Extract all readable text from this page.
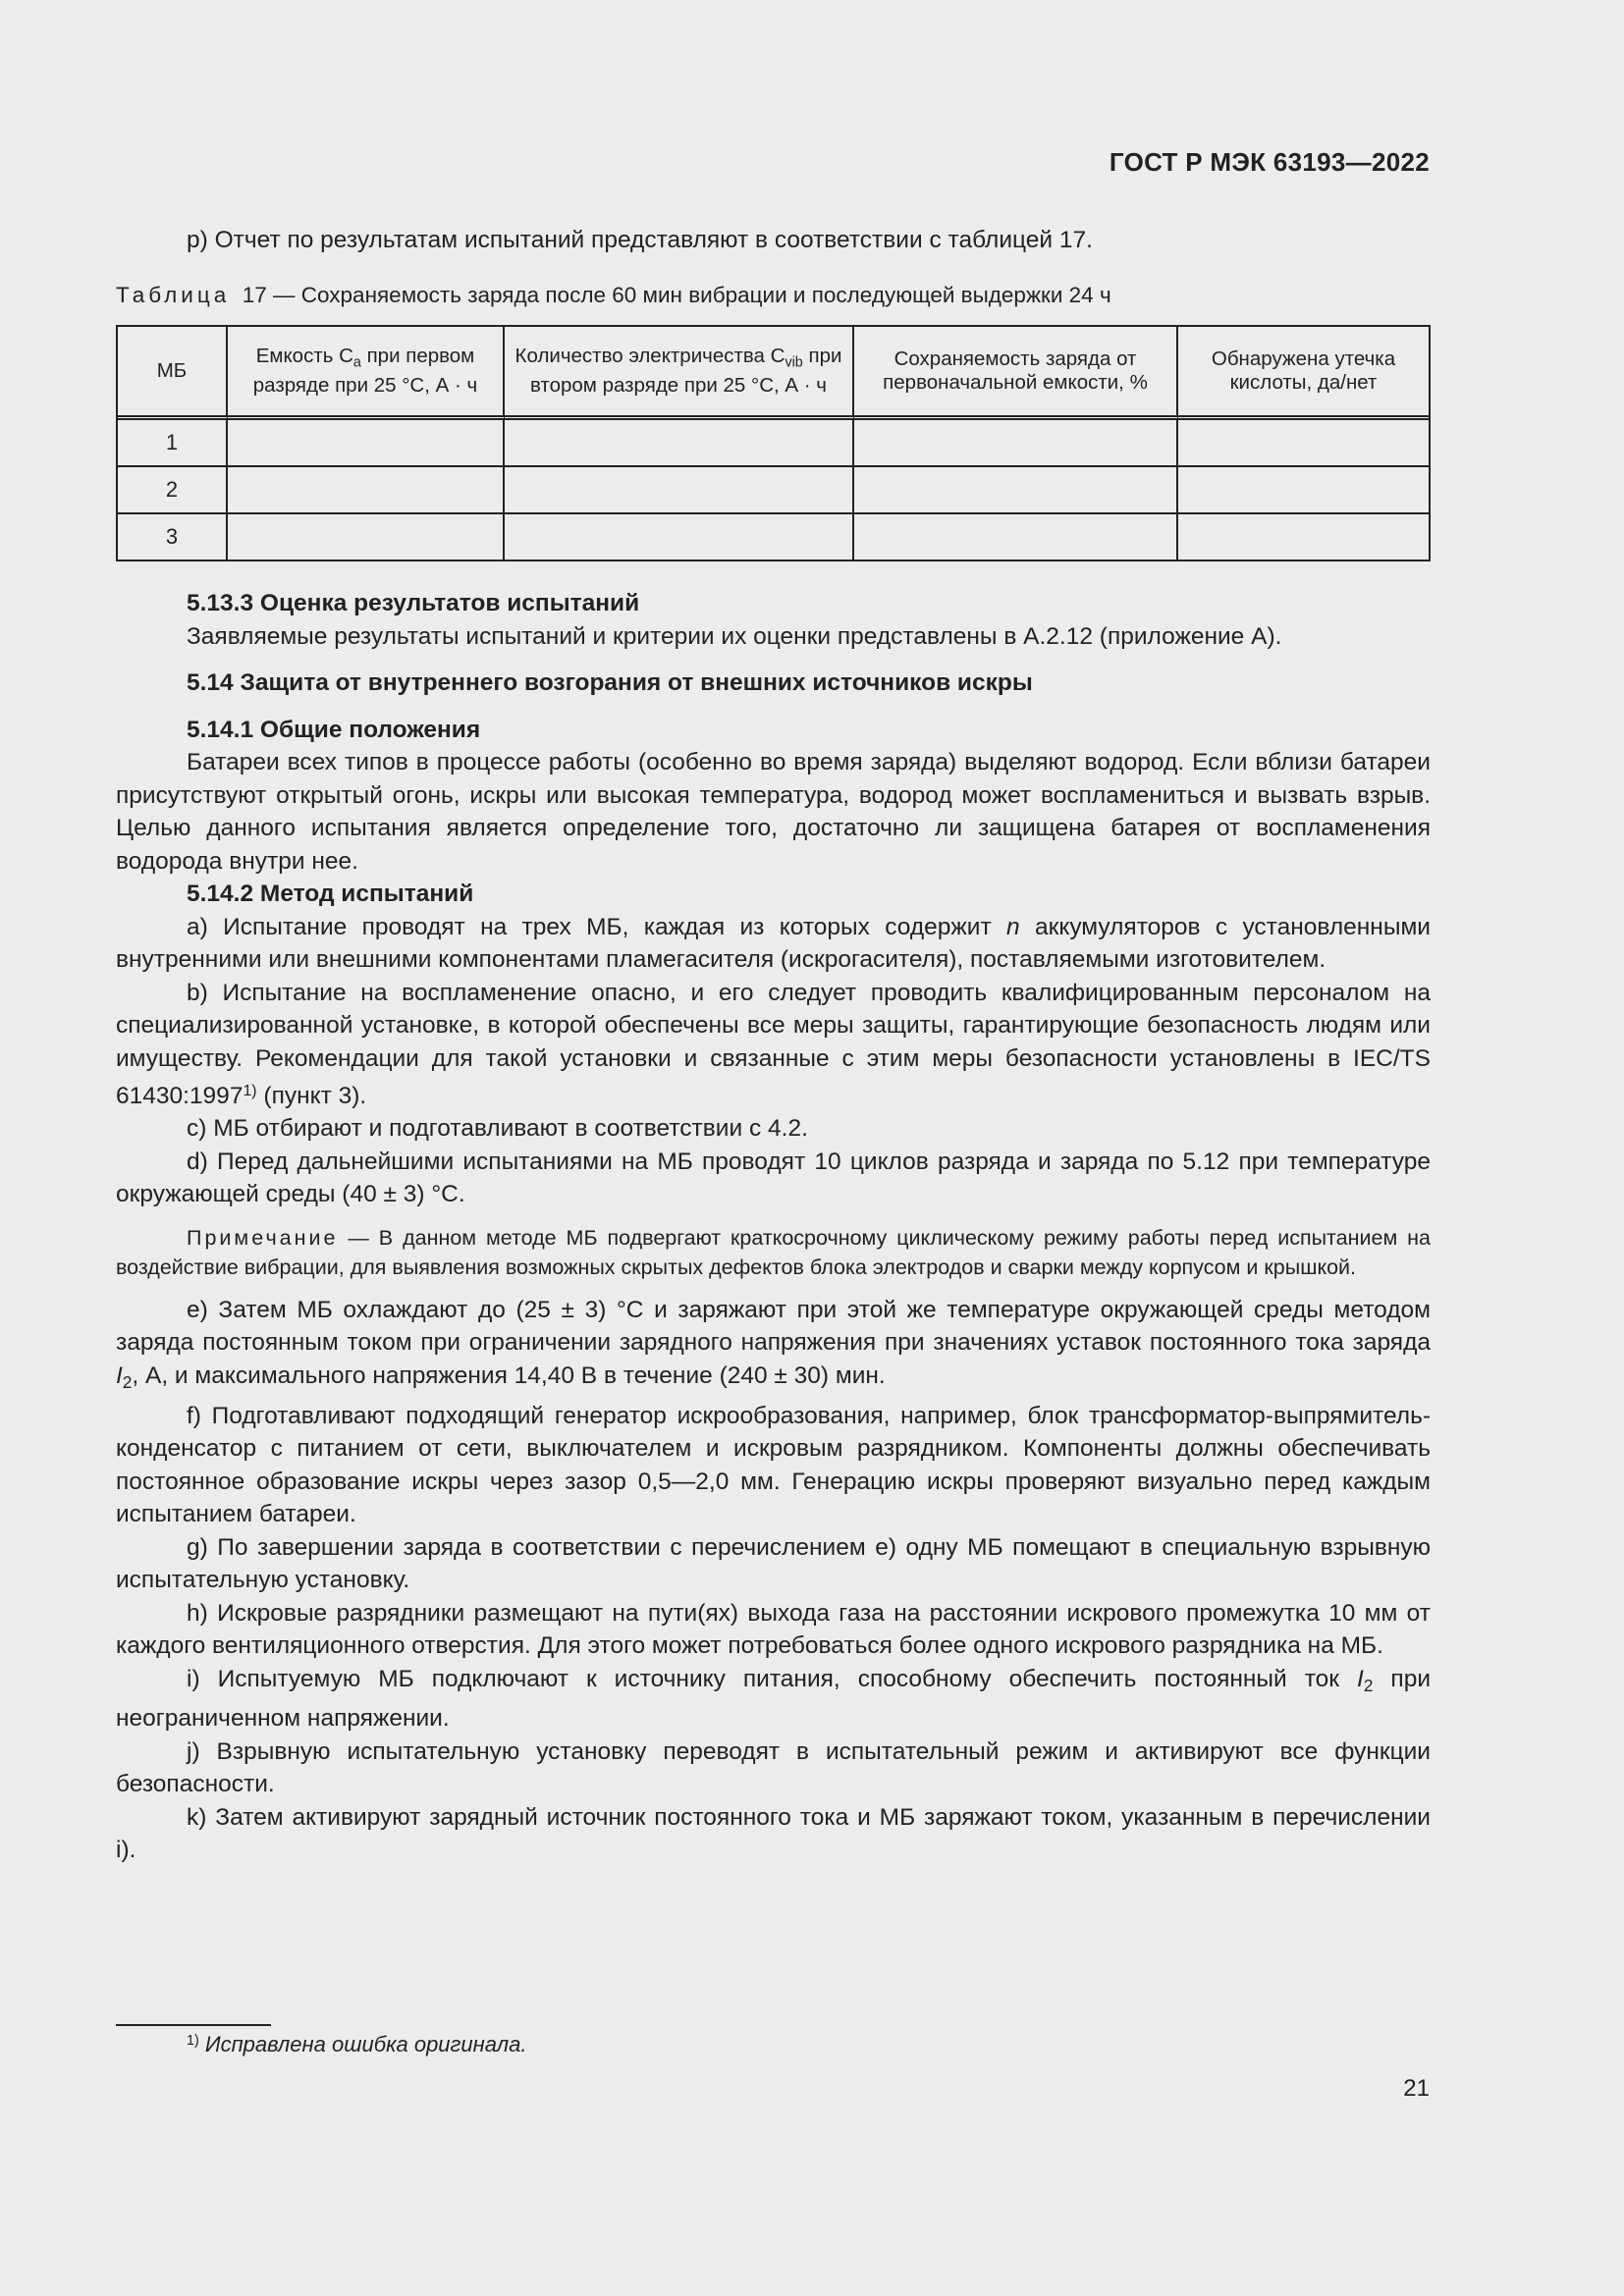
ГОСТ Р МЭК 63193—2022

p) Отчет по результатам испытаний представляют в соответствии с таблицей 17.

Таблица 17 — Сохраняемость заряда после 60 мин вибрации и последующей выдержки 24 ч

МБ	Емкость $C_a$ при первом разряде при 25 °С, А · ч	Количество электричества $C_{vib}$ при втором разряде при 25 °С, А · ч	Сохраняемость заряда от первоначальной емкости, %	Обнаружена утечка кислоты, да/нет
1				
2				
3				

5.13.3 Оценка результатов испытаний

Заявляемые результаты испытаний и критерии их оценки представлены в А.2.12 (приложение А).

5.14 Защита от внутреннего возгорания от внешних источников искры

5.14.1 Общие положения

Батареи всех типов в процессе работы (особенно во время заряда) выделяют водород. Если вблизи батареи присутствуют открытый огонь, искры или высокая температура, водород может воспламениться и вызвать взрыв. Целью данного испытания является определение того, достаточно ли защищена батарея от воспламенения водорода внутри нее.

5.14.2 Метод испытаний

a) Испытание проводят на трех МБ, каждая из которых содержит n аккумуляторов с установленными внутренними или внешними компонентами пламегасителя (искрогасителя), поставляемыми изготовителем.

b) Испытание на воспламенение опасно, и его следует проводить квалифицированным персоналом на специализированной установке, в которой обеспечены все меры защиты, гарантирующие безопасность людям или имуществу. Рекомендации для такой установки и связанные с этим меры безопасности установлены в IEC/TS 61430:1997$^{1)}$ (пункт 3).

c) МБ отбирают и подготавливают в соответствии с 4.2.

d) Перед дальнейшими испытаниями на МБ проводят 10 циклов разряда и заряда по 5.12 при температуре окружающей среды (40 ± 3) °С.

Примечание — В данном методе МБ подвергают краткосрочному циклическому режиму работы перед испытанием на воздействие вибрации, для выявления возможных скрытых дефектов блока электродов и сварки между корпусом и крышкой.

e) Затем МБ охлаждают до (25 ± 3) °С и заряжают при этой же температуре окружающей среды методом заряда постоянным током при ограничении зарядного напряжения при значениях уставок постоянного тока заряда $I_2$, А, и максимального напряжения 14,40 В в течение (240 ± 30) мин.

f) Подготавливают подходящий генератор искрообразования, например, блок трансформатор-выпрямитель-конденсатор с питанием от сети, выключателем и искровым разрядником. Компоненты должны обеспечивать постоянное образование искры через зазор 0,5—2,0 мм. Генерацию искры проверяют визуально перед каждым испытанием батареи.

g) По завершении заряда в соответствии с перечислением e) одну МБ помещают в специальную взрывную испытательную установку.

h) Искровые разрядники размещают на пути(ях) выхода газа на расстоянии искрового промежутка 10 мм от каждого вентиляционного отверстия. Для этого может потребоваться более одного искрового разрядника на МБ.

i) Испытуемую МБ подключают к источнику питания, способному обеспечить постоянный ток $I_2$ при неограниченном напряжении.

j) Взрывную испытательную установку переводят в испытательный режим и активируют все функции безопасности.

k) Затем активируют зарядный источник постоянного тока и МБ заряжают током, указанным в перечислении i).

$^{1)}$ Исправлена ошибка оригинала.
21
